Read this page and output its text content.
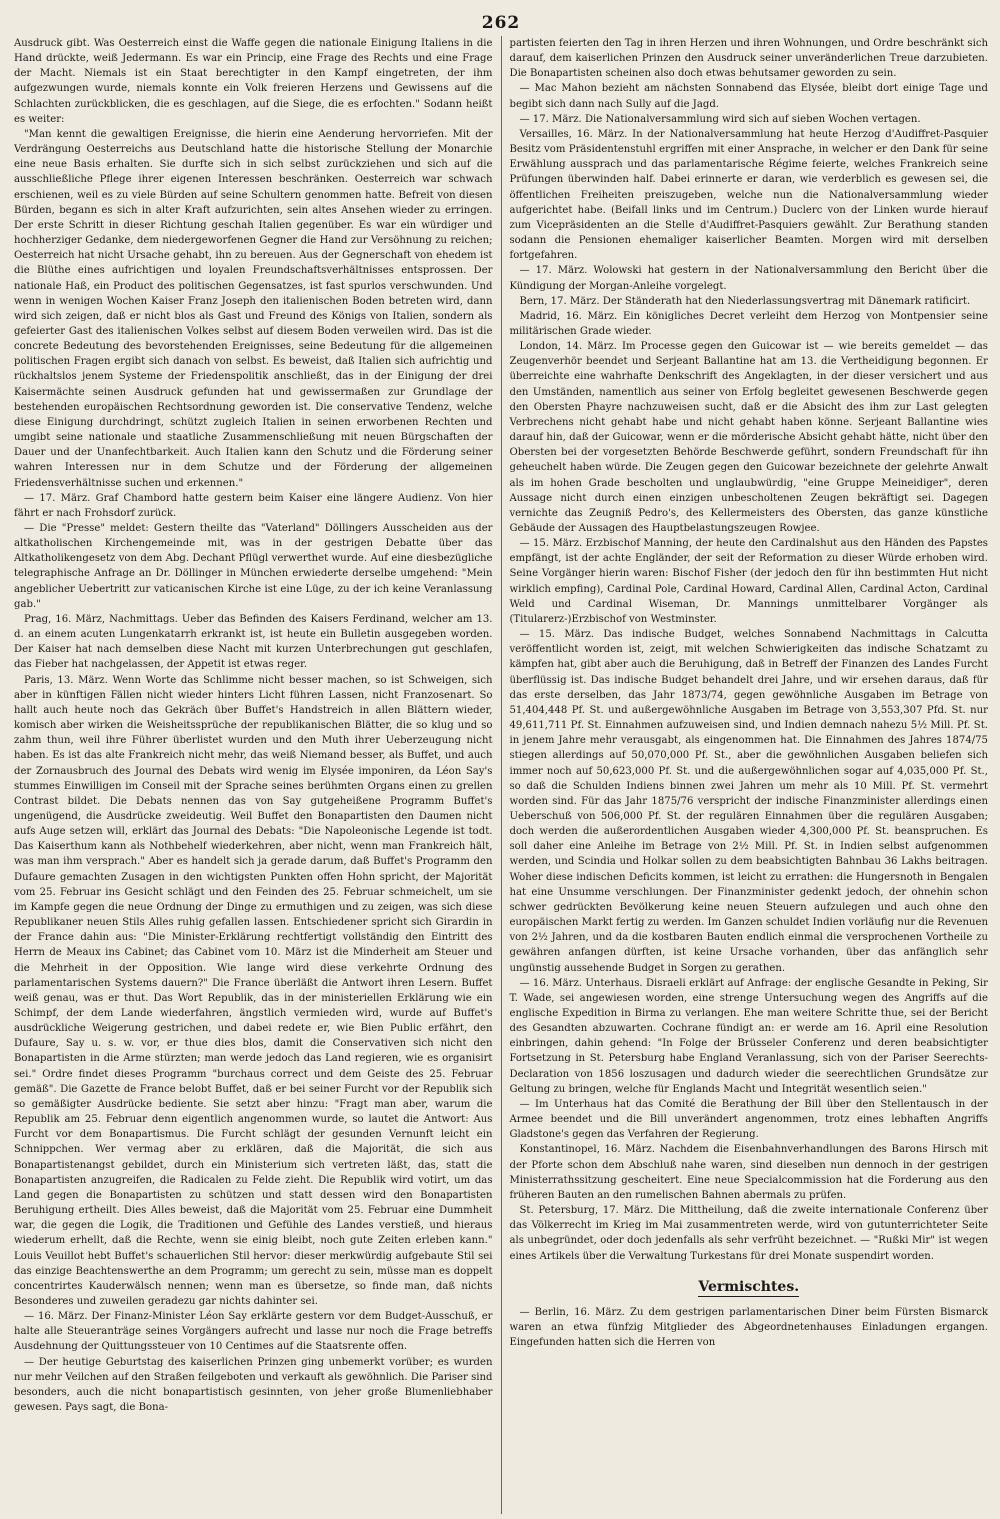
262

Ausdruck gibt. Was Oesterreich einst die Waffe gegen die nationale Einigung Italiens in die Hand drückte, weiß Jedermann. Es war ein Princip, eine Frage des Rechts und eine Frage der Macht. Niemals ist ein Staat berechtigter in den Kampf eingetreten, der ihm aufgezwungen wurde, niemals konnte ein Volk freieren Herzens und Gewissens auf die Schlachten zurückblicken, die es geschlagen, auf die Siege, die es erfochten." Sodann heißt es weiter:

"Man kennt die gewaltigen Ereignisse, die hierin eine Aenderung hervorriefen. Mit der Verdrängung Oesterreichs aus Deutschland hatte die historische Stellung der Monarchie eine neue Basis erhalten. Sie durfte sich in sich selbst zurückziehen und sich auf die ausschließliche Pflege ihrer eigenen Interessen beschränken. Oesterreich war schwach erschienen, weil es zu viele Bürden auf seine Schultern genommen hatte. Befreit von diesen Bürden, begann es sich in alter Kraft aufzurichten, sein altes Ansehen wieder zu erringen. Der erste Schritt in dieser Richtung geschah Italien gegenüber. Es war ein würdiger und hochherziger Gedanke, dem niedergeworfenen Gegner die Hand zur Versöhnung zu reichen; Oesterreich hat nicht Ursache gehabt, ihn zu bereuen. Aus der Gegnerschaft von ehedem ist die Blüthe eines aufrichtigen und loyalen Freundschaftsverhältnisses entsprossen. Der nationale Haß, ein Product des politischen Gegensatzes, ist fast spurlos verschwunden. Und wenn in wenigen Wochen Kaiser Franz Joseph den italienischen Boden betreten wird, dann wird sich zeigen, daß er nicht blos als Gast und Freund des Königs von Italien, sondern als gefeierter Gast des italienischen Volkes selbst auf diesem Boden verweilen wird. Das ist die concrete Bedeutung des bevorstehenden Ereignisses, seine Bedeutung für die allgemeinen politischen Fragen ergibt sich danach von selbst. Es beweist, daß Italien sich aufrichtig und rückhaltslos jenem Systeme der Friedenspolitik anschließt, das in der Einigung der drei Kaisermächte seinen Ausdruck gefunden hat und gewissermaßen zur Grundlage der bestehenden europäischen Rechtsordnung geworden ist. Die conservative Tendenz, welche diese Einigung durchdringt, schützt zugleich Italien in seinen erworbenen Rechten und umgibt seine nationale und staatliche Zusammenschließung mit neuen Bürgschaften der Dauer und der Unanfechtbarkeit. Auch Italien kann den Schutz und die Förderung seiner wahren Interessen nur in dem Schutze und der Förderung der allgemeinen Friedensverhältnisse suchen und erkennen."

— 17. März. Graf Chambord hatte gestern beim Kaiser eine längere Audienz. Von hier fährt er nach Frohsdorf zurück.

— Die "Presse" meldet: Gestern theilte das "Vaterland" Döllingers Ausscheiden aus der altkatholischen Kirchengemeinde mit, was in der gestrigen Debatte über das Altkatholikengesetz von dem Abg. Dechant Pflügl verwerthet wurde. Auf eine diesbezügliche telegraphische Anfrage an Dr. Döllinger in München erwiederte derselbe umgehend: "Mein angeblicher Uebertritt zur vaticanischen Kirche ist eine Lüge, zu der ich keine Veranlassung gab."

Prag, 16. März, Nachmittags. Ueber das Befinden des Kaisers Ferdinand, welcher am 13. d. an einem acuten Lungenkatarrh erkrankt ist, ist heute ein Bulletin ausgegeben worden. Der Kaiser hat nach demselben diese Nacht mit kurzen Unterbrechungen gut geschlafen, das Fieber hat nachgelassen, der Appetit ist etwas reger.

Paris, 13. März. Wenn Worte das Schlimme nicht besser machen, so ist Schweigen, sich aber in künftigen Fällen nicht wieder hinters Licht führen Lassen, nicht Franzosenart. So hallt auch heute noch das Gekräch über Buffet's Handstreich in allen Blättern wieder, komisch aber wirken die Weisheitssprüche der republikanischen Blätter, die so klug und so zahm thun, weil ihre Führer überlistet wurden und den Muth ihrer Ueberzeugung nicht haben. Es ist das alte Frankreich nicht mehr, das weiß Niemand besser, als Buffet, und auch der Zornausbruch des Journal des Debats wird wenig im Elysée imponiren, da Léon Say's stummes Einwilligen im Conseil mit der Sprache seines berühmten Organs einen zu grellen Contrast bildet. Die Debats nennen das von Say gutgeheißene Programm Buffet's ungenügend, die Ausdrücke zweideutig. Weil Buffet den Bonapartisten den Daumen nicht aufs Auge setzen will, erklärt das Journal des Debats: "Die Napoleonische Legende ist todt. Das Kaiserthum kann als Nothbehelf wiederkehren, aber nicht, wenn man Frankreich hält, was man ihm versprach." Aber es handelt sich ja gerade darum, daß Buffet's Programm den Dufaure gemachten Zusagen in den wichtigsten Punkten offen Hohn spricht, der Majorität vom 25. Februar ins Gesicht schlägt und den Feinden des 25. Februar schmeichelt, um sie im Kampfe gegen die neue Ordnung der Dinge zu ermuthigen und zu zeigen, was sich diese Republikaner neuen Stils Alles ruhig gefallen lassen. Entschiedener spricht sich Girardin in der France dahin aus: "Die Minister-Erklärung rechtfertigt vollständig den Eintritt des Herrn de Meaux ins Cabinet; das Cabinet vom 10. März ist die Minderheit am Steuer und die Mehrheit in der Opposition. Wie lange wird diese verkehrte Ordnung des parlamentarischen Systems dauern?" Die France überläßt die Antwort ihren Lesern. Buffet weiß genau, was er thut. Das Wort Republik, das in der ministeriellen Erklärung wie ein Schimpf, der dem Lande wiederfahren, ängstlich vermieden wird, wurde auf Buffet's ausdrückliche Weigerung gestrichen, und dabei redete er, wie Bien Public erfährt, den Dufaure, Say u. s. w. vor, er thue dies blos, damit die Conservativen sich nicht den Bonapartisten in die Arme stürzten; man werde jedoch das Land regieren, wie es organisirt sei." Ordre findet dieses Programm "burchaus correct und dem Geiste des 25. Februar gemäß". Die Gazette de France belobt Buffet, daß er bei seiner Furcht vor der Republik sich so gemäßigter Ausdrücke bediente. Sie setzt aber hinzu: "Fragt man aber, warum die Republik am 25. Februar denn eigentlich angenommen wurde, so lautet die Antwort: Aus Furcht vor dem Bonapartismus. Die Furcht schlägt der gesunden Vernunft leicht ein Schnippchen. Wer vermag aber zu erklären, daß die Majorität, die sich aus Bonapartistenangst gebildet, durch ein Ministerium sich vertreten läßt, das, statt die Bonapartisten anzugreifen, die Radicalen zu Felde zieht. Die Republik wird votirt, um das Land gegen die Bonapartisten zu schützen und statt dessen wird den Bonapartisten Beruhigung ertheilt. Dies Alles beweist, daß die Majorität vom 25. Februar eine Dummheit war, die gegen die Logik, die Traditionen und Gefühle des Landes verstieß, und hieraus wiederum erhellt, daß die Rechte, wenn sie einig bleibt, noch gute Zeiten erleben kann." Louis Veuillot hebt Buffet's schauerlichen Stil hervor: dieser merkwürdig aufgebaute Stil sei das einzige Beachtenswerthe an dem Programm; um gerecht zu sein, müsse man es doppelt concentrirtes Kauderwälsch nennen; wenn man es übersetze, so finde man, daß nichts Besonderes und zuweilen geradezu gar nichts dahinter sei.

— 16. März. Der Finanz-Minister Léon Say erklärte gestern vor dem Budget-Ausschuß, er halte alle Steueranträge seines Vorgängers aufrecht und lasse nur noch die Frage betreffs Ausdehnung der Quittungssteuer von 10 Centimes auf die Staatsrente offen.

— Der heutige Geburtstag des kaiserlichen Prinzen ging unbemerkt vorüber; es wurden nur mehr Veilchen auf den Straßen feilgeboten und verkauft als gewöhnlich. Die Pariser sind besonders, auch die nicht bonapartistisch gesinnten, von jeher große Blumenliebhaber gewesen. Pays sagt, die Bona-

partisten feierten den Tag in ihren Herzen und ihren Wohnungen, und Ordre beschränkt sich darauf, dem kaiserlichen Prinzen den Ausdruck seiner unveränderlichen Treue darzubieten. Die Bonapartisten scheinen also doch etwas behutsamer geworden zu sein.

— Mac Mahon bezieht am nächsten Sonnabend das Elysée, bleibt dort einige Tage und begibt sich dann nach Sully auf die Jagd.

— 17. März. Die Nationalversammlung wird sich auf sieben Wochen vertagen.

Versailles, 16. März. In der Nationalversammlung hat heute Herzog d'Audiffret-Pasquier Besitz vom Präsidentenstuhl ergriffen mit einer Ansprache, in welcher er den Dank für seine Erwählung aussprach und das parlamentarische Régime feierte, welches Frankreich seine Prüfungen überwinden half. Dabei erinnerte er daran, wie verderblich es gewesen sei, die öffentlichen Freiheiten preiszugeben, welche nun die Nationalversammlung wieder aufgerichtet habe. (Beifall links und im Centrum.) Duclerc von der Linken wurde hierauf zum Vicepräsidenten an die Stelle d'Audiffret-Pasquiers gewählt. Zur Berathung standen sodann die Pensionen ehemaliger kaiserlicher Beamten. Morgen wird mit derselben fortgefahren.

— 17. März. Wolowski hat gestern in der Nationalversammlung den Bericht über die Kündigung der Morgan-Anleihe vorgelegt.

Bern, 17. März. Der Ständerath hat den Niederlassungsvertrag mit Dänemark ratificirt.

Madrid, 16. März. Ein königliches Decret verleiht dem Herzog von Montpensier seine militärischen Grade wieder.

London, 14. März. Im Processe gegen den Guicowar ist — wie bereits gemeldet — das Zeugenverhör beendet und Serjeant Ballantine hat am 13. die Vertheidigung begonnen. Er überreichte eine wahrhafte Denkschrift des Angeklagten, in der dieser versichert und aus den Umständen, namentlich aus seiner von Erfolg begleitet gewesenen Beschwerde gegen den Obersten Phayre nachzuweisen sucht, daß er die Absicht des ihm zur Last gelegten Verbrechens nicht gehabt habe und nicht gehabt haben könne. Serjeant Ballantine wies darauf hin, daß der Guicowar, wenn er die mörderische Absicht gehabt hätte, nicht über den Obersten bei der vorgesetzten Behörde Beschwerde geführt, sondern Freundschaft für ihn geheuchelt haben würde. Die Zeugen gegen den Guicowar bezeichnete der gelehrte Anwalt als im hohen Grade bescholten und unglaubwürdig, "eine Gruppe Meineidiger", deren Aussage nicht durch einen einzigen unbescholtenen Zeugen bekräftigt sei. Dagegen vernichte das Zeugniß Pedro's, des Kellermeisters des Obersten, das ganze künstliche Gebäude der Aussagen des Hauptbelastungszeugen Rowjee.

— 15. März. Erzbischof Manning, der heute den Cardinalshut aus den Händen des Papstes empfängt, ist der achte Engländer, der seit der Reformation zu dieser Würde erhoben wird. Seine Vorgänger hierin waren: Bischof Fisher (der jedoch den für ihn bestimmten Hut nicht wirklich empfing), Cardinal Pole, Cardinal Howard, Cardinal Allen, Cardinal Acton, Cardinal Weld und Cardinal Wiseman, Dr. Mannings unmittelbarer Vorgänger als (Titularerz-)Erzbischof von Westminster.

— 15. März. Das indische Budget, welches Sonnabend Nachmittags in Calcutta veröffentlicht worden ist, zeigt, mit welchen Schwierigkeiten das indische Schatzamt zu kämpfen hat, gibt aber auch die Beruhigung, daß in Betreff der Finanzen des Landes Furcht überflüssig ist. Das indische Budget behandelt drei Jahre, und wir ersehen daraus, daß für das erste derselben, das Jahr 1873/74, gegen gewöhnliche Ausgaben im Betrage von 51,404,448 Pf. St. und außergewöhnliche Ausgaben im Betrage von 3,553,307 Pfd. St. nur 49,611,711 Pf. St. Einnahmen aufzuweisen sind, und Indien demnach nahezu 5½ Mill. Pf. St. in jenem Jahre mehr verausgabt, als eingenommen hat. Die Einnahmen des Jahres 1874/75 stiegen allerdings auf 50,070,000 Pf. St., aber die gewöhnlichen Ausgaben beliefen sich immer noch auf 50,623,000 Pf. St. und die außergewöhnlichen sogar auf 4,035,000 Pf. St., so daß die Schulden Indiens binnen zwei Jahren um mehr als 10 Mill. Pf. St. vermehrt worden sind. Für das Jahr 1875/76 verspricht der indische Finanzminister allerdings einen Ueberschuß von 506,000 Pf. St. der regulären Einnahmen über die regulären Ausgaben; doch werden die außerordentlichen Ausgaben wieder 4,300,000 Pf. St. beanspruchen. Es soll daher eine Anleihe im Betrage von 2½ Mill. Pf. St. in Indien selbst aufgenommen werden, und Scindia und Holkar sollen zu dem beabsichtigten Bahnbau 36 Lakhs beitragen. Woher diese indischen Deficits kommen, ist leicht zu errathen: die Hungersnoth in Bengalen hat eine Unsumme verschlungen. Der Finanzminister gedenkt jedoch, der ohnehin schon schwer gedrückten Bevölkerung keine neuen Steuern aufzulegen und auch ohne den europäischen Markt fertig zu werden. Im Ganzen schuldet Indien vorläufig nur die Revenuen von 2½ Jahren, und da die kostbaren Bauten endlich einmal die versprochenen Vortheile zu gewähren anfangen dürften, ist keine Ursache vorhanden, über das anfänglich sehr ungünstig aussehende Budget in Sorgen zu gerathen.

— 16. März. Unterhaus. Disraeli erklärt auf Anfrage: der englische Gesandte in Peking, Sir T. Wade, sei angewiesen worden, eine strenge Untersuchung wegen des Angriffs auf die englische Expedition in Birma zu verlangen. Ehe man weitere Schritte thue, sei der Bericht des Gesandten abzuwarten. Cochrane fündigt an: er werde am 16. April eine Resolution einbringen, dahin gehend: "In Folge der Brüsseler Conferenz und deren beabsichtigter Fortsetzung in St. Petersburg habe England Veranlassung, sich von der Pariser Seerechts-Declaration von 1856 loszusagen und dadurch wieder die seerechtlichen Grundsätze zur Geltung zu bringen, welche für Englands Macht und Integrität wesentlich seien."

— Im Unterhaus hat das Comité die Berathung der Bill über den Stellentausch in der Armee beendet und die Bill unverändert angenommen, trotz eines lebhaften Angriffs Gladstone's gegen das Verfahren der Regierung.

Konstantinopel, 16. März. Nachdem die Eisenbahnverhandlungen des Barons Hirsch mit der Pforte schon dem Abschluß nahe waren, sind dieselben nun dennoch in der gestrigen Ministerrathssitzung gescheitert. Eine neue Specialcommission hat die Forderung aus den früheren Bauten an den rumelischen Bahnen abermals zu prüfen.

St. Petersburg, 17. März. Die Mittheilung, daß die zweite internationale Conferenz über das Völkerrecht im Krieg im Mai zusammentreten werde, wird von gutunterrichteter Seite als unbegründet, oder doch jedenfalls als sehr verfrüht bezeichnet. — "Rußki Mir" ist wegen eines Artikels über die Verwaltung Turkestans für drei Monate suspendirt worden.

Vermischtes.

— Berlin, 16. März. Zu dem gestrigen parlamentarischen Diner beim Fürsten Bismarck waren an etwa fünfzig Mitglieder des Abgeordnetenhauses Einladungen ergangen. Eingefunden hatten sich die Herren von
